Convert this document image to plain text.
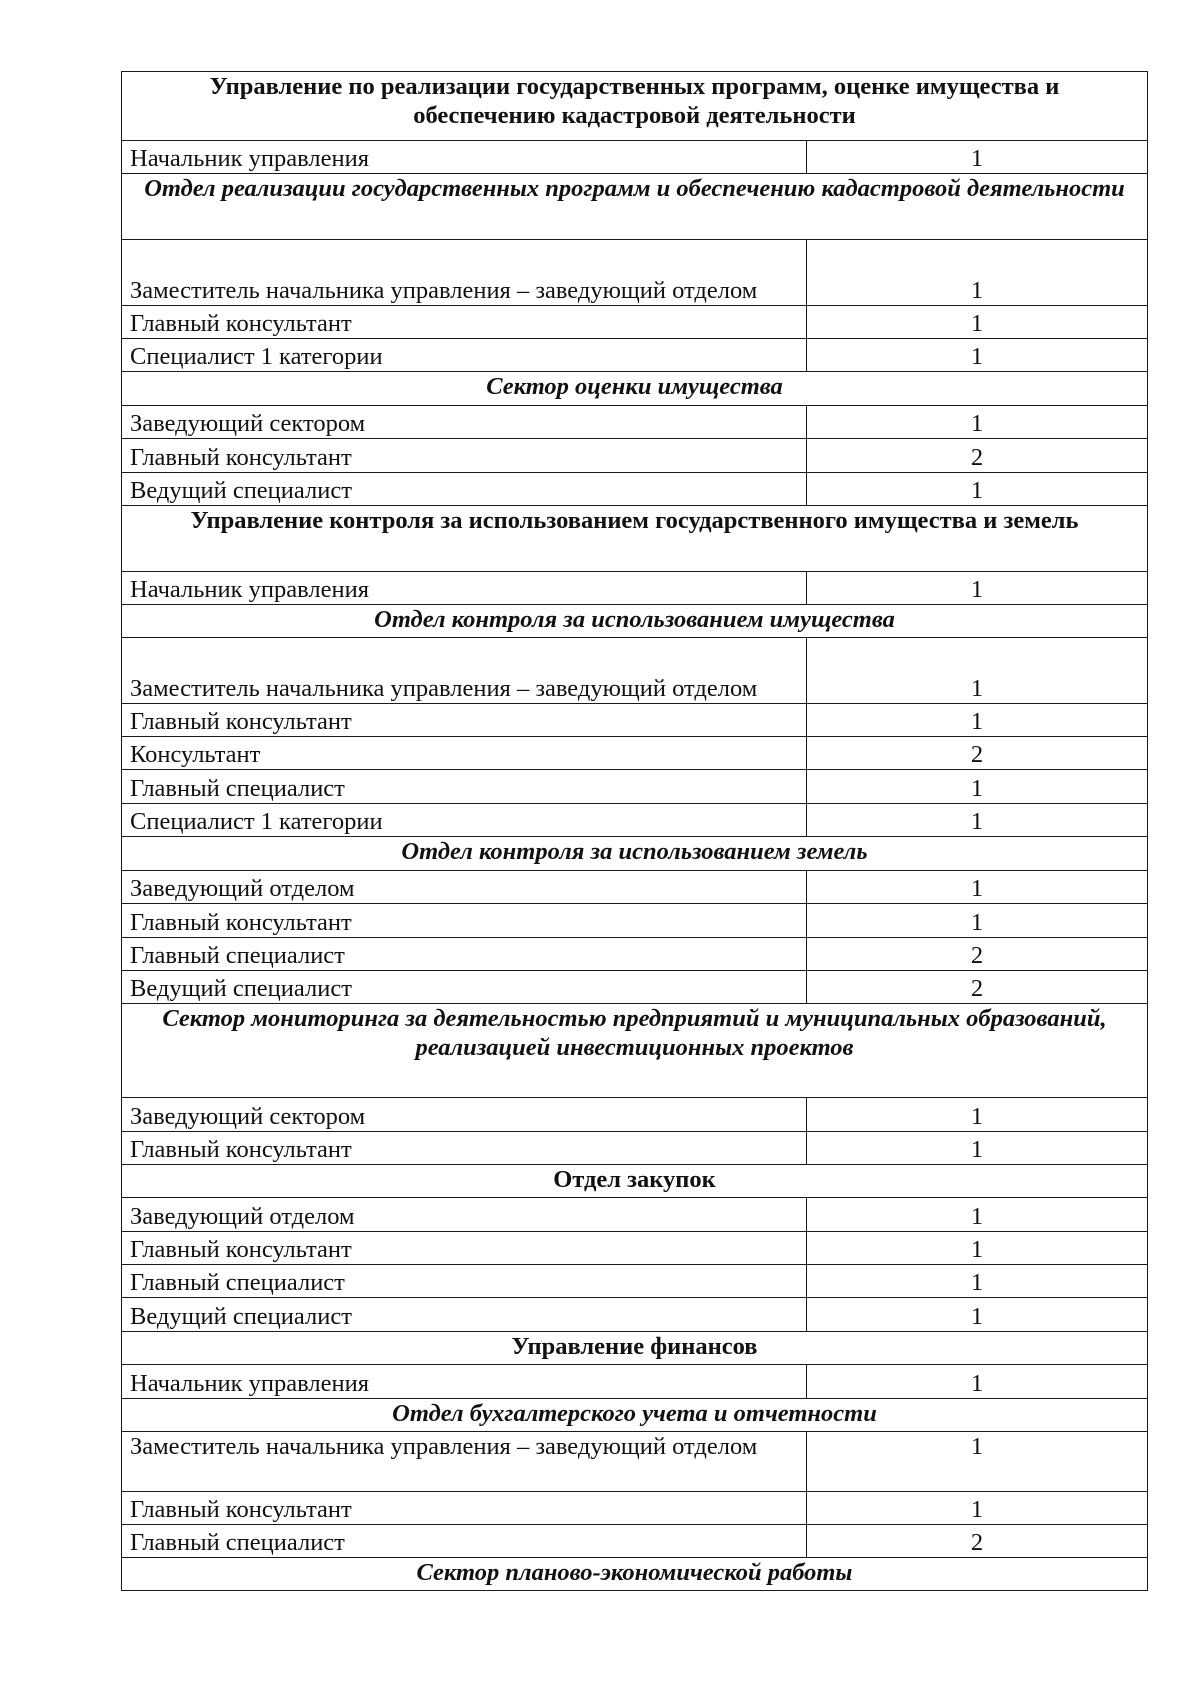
Управление по реализации государственных программ, оценке имущества и обеспечению кадастровой деятельности	
Начальник управления	1
Отдел реализации государственных программ и обеспечению кадастровой деятельности	
Заместитель начальника управления – заведующий отделом	1
Главный консультант	1
Специалист 1 категории	1
Сектор оценки имущества	
Заведующий сектором	1
Главный консультант	2
Ведущий специалист	1
Управление контроля за использованием государственного имущества и земель	
Начальник управления	1
Отдел контроля за использованием имущества	
Заместитель начальника управления – заведующий отделом	1
Главный консультант	1
Консультант	2
Главный специалист	1
Специалист 1 категории	1
Отдел контроля за использованием земель	
Заведующий отделом	1
Главный консультант	1
Главный специалист	2
Ведущий специалист	2
Сектор мониторинга за деятельностью предприятий и муниципальных образований, реализацией инвестиционных проектов	
Заведующий сектором	1
Главный консультант	1
Отдел закупок	
Заведующий отделом	1
Главный консультант	1
Главный специалист	1
Ведущий специалист	1
Управление финансов	
Начальник управления	1
Отдел бухгалтерского учета и отчетности	
Заместитель начальника управления – заведующий отделом	1
Главный консультант	1
Главный специалист	2
Сектор планово-экономической работы	
